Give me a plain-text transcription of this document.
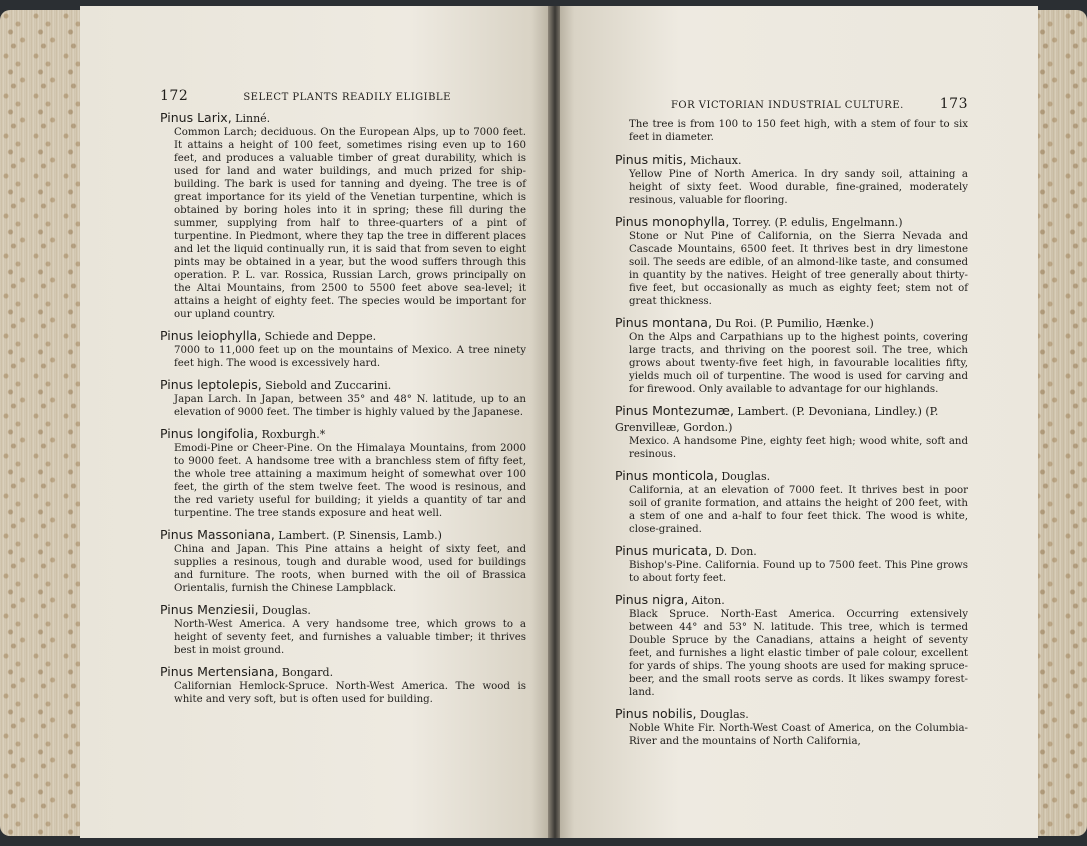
172	SELECT PLANTS READILY ELIGIBLE
Pinus Larix, Linné.
Common Larch; deciduous. On the European Alps, up to 7000 feet. It attains a height of 100 feet, sometimes rising even up to 160 feet, and produces a valuable timber of great durability, which is used for land and water buildings, and much prized for ship-building. The bark is used for tanning and dyeing. The tree is of great importance for its yield of the Venetian turpentine, which is obtained by boring holes into it in spring; these fill during the summer, supplying from half to three-quarters of a pint of turpentine. In Piedmont, where they tap the tree in different places and let the liquid continually run, it is said that from seven to eight pints may be obtained in a year, but the wood suffers through this operation. P. L. var. Rossica, Russian Larch, grows principally on the Altai Mountains, from 2500 to 5500 feet above sea-level; it attains a height of eighty feet. The species would be important for our upland country.
Pinus leiophylla, Schiede and Deppe.
7000 to 11,000 feet up on the mountains of Mexico. A tree ninety feet high. The wood is excessively hard.
Pinus leptolepis, Siebold and Zuccarini.
Japan Larch. In Japan, between 35° and 48° N. latitude, up to an elevation of 9000 feet. The timber is highly valued by the Japanese.
Pinus longifolia, Roxburgh.*
Emodi-Pine or Cheer-Pine. On the Himalaya Mountains, from 2000 to 9000 feet. A handsome tree with a branchless stem of fifty feet, the whole tree attaining a maximum height of somewhat over 100 feet, the girth of the stem twelve feet. The wood is resinous, and the red variety useful for building; it yields a quantity of tar and turpentine. The tree stands exposure and heat well.
Pinus Massoniana, Lambert. (P. Sinensis, Lamb.)
China and Japan. This Pine attains a height of sixty feet, and supplies a resinous, tough and durable wood, used for buildings and furniture. The roots, when burned with the oil of Brassica Orientalis, furnish the Chinese Lampblack.
Pinus Menziesii, Douglas.
North-West America. A very handsome tree, which grows to a height of seventy feet, and furnishes a valuable timber; it thrives best in moist ground.
Pinus Mertensiana, Bongard.
Californian Hemlock-Spruce. North-West America. The wood is white and very soft, but is often used for building.
FOR VICTORIAN INDUSTRIAL CULTURE.	173
The tree is from 100 to 150 feet high, with a stem of four to six feet in diameter.
Pinus mitis, Michaux.
Yellow Pine of North America. In dry sandy soil, attaining a height of sixty feet. Wood durable, fine-grained, moderately resinous, valuable for flooring.
Pinus monophylla, Torrey. (P. edulis, Engelmann.)
Stone or Nut Pine of California, on the Sierra Nevada and Cascade Mountains, 6500 feet. It thrives best in dry limestone soil. The seeds are edible, of an almond-like taste, and consumed in quantity by the natives. Height of tree generally about thirty-five feet, but occasionally as much as eighty feet; stem not of great thickness.
Pinus montana, Du Roi. (P. Pumilio, Hænke.)
On the Alps and Carpathians up to the highest points, covering large tracts, and thriving on the poorest soil. The tree, which grows about twenty-five feet high, in favourable localities fifty, yields much oil of turpentine. The wood is used for carving and for firewood. Only available to advantage for our highlands.
Pinus Montezumæ, Lambert. (P. Devoniana, Lindley.) (P. Grenvilleæ, Gordon.)
Mexico. A handsome Pine, eighty feet high; wood white, soft and resinous.
Pinus monticola, Douglas.
California, at an elevation of 7000 feet. It thrives best in poor soil of granite formation, and attains the height of 200 feet, with a stem of one and a-half to four feet thick. The wood is white, close-grained.
Pinus muricata, D. Don.
Bishop's-Pine. California. Found up to 7500 feet. This Pine grows to about forty feet.
Pinus nigra, Aiton.
Black Spruce. North-East America. Occurring extensively between 44° and 53° N. latitude. This tree, which is termed Double Spruce by the Canadians, attains a height of seventy feet, and furnishes a light elastic timber of pale colour, excellent for yards of ships. The young shoots are used for making spruce-beer, and the small roots serve as cords. It likes swampy forest-land.
Pinus nobilis, Douglas.
Noble White Fir. North-West Coast of America, on the Columbia-River and the mountains of North California,
